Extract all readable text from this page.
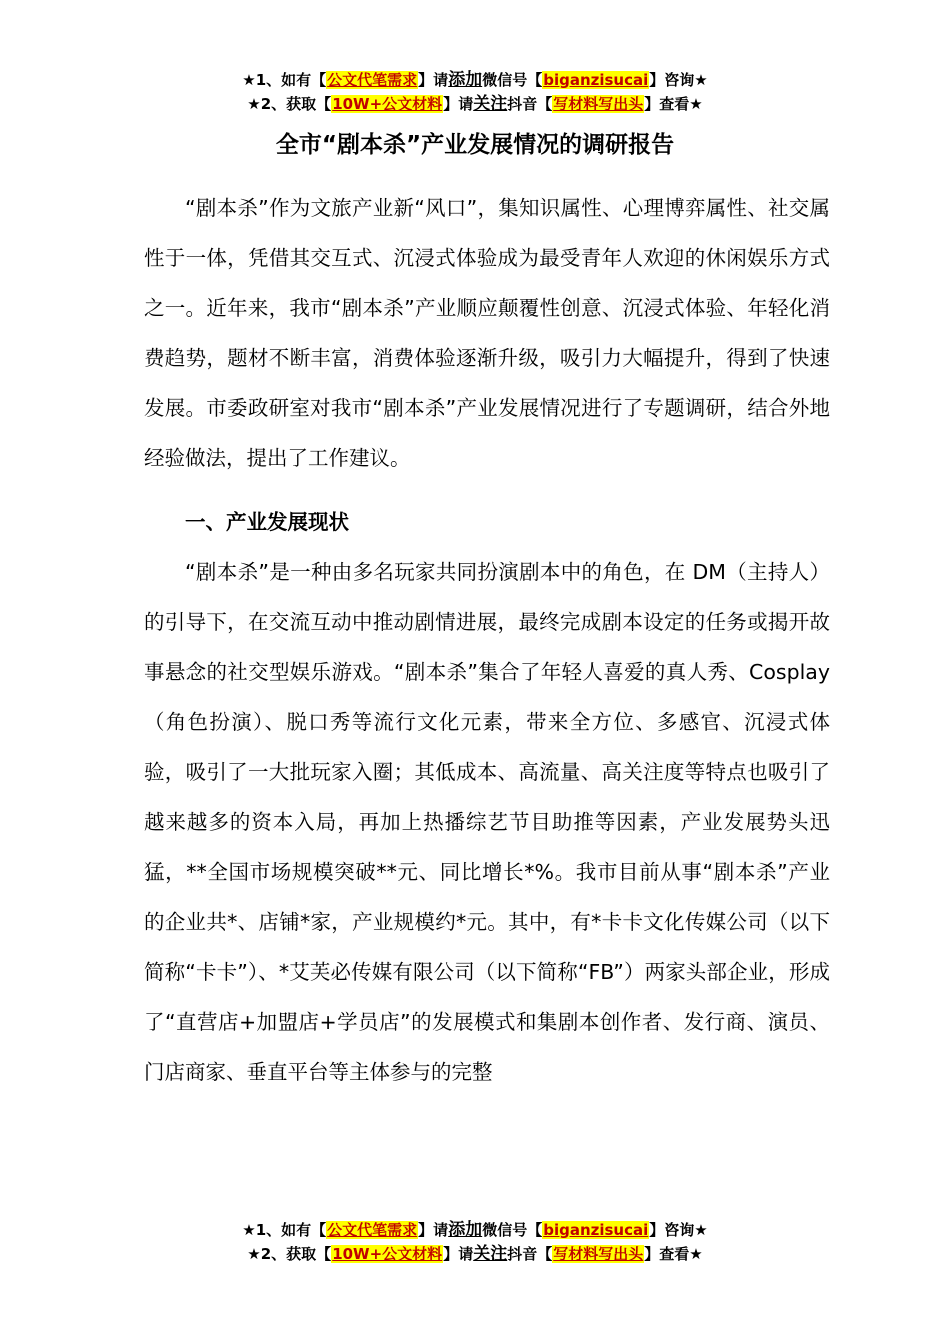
★1、如有【公文代笔需求】请添加微信号【biganzisucai】咨询★
★2、获取【10W+公文材料】请关注抖音【写材料写出头】查看★
全市“剧本杀”产业发展情况的调研报告

“剧本杀”作为文旅产业新“风口”，集知识属性、心理博弈属性、社交属性于一体，凭借其交互式、沉浸式体验成为最受青年人欢迎的休闲娱乐方式之一。近年来，我市“剧本杀”产业顺应颠覆性创意、沉浸式体验、年轻化消费趋势，题材不断丰富，消费体验逐渐升级，吸引力大幅提升，得到了快速发展。市委政研室对我市“剧本杀”产业发展情况进行了专题调研，结合外地经验做法，提出了工作建议。

一、产业发展现状

“剧本杀”是一种由多名玩家共同扮演剧本中的角色，在 DM（主持人）的引导下，在交流互动中推动剧情进展，最终完成剧本设定的任务或揭开故事悬念的社交型娱乐游戏。“剧本杀”集合了年轻人喜爱的真人秀、Cosplay（角色扮演）、脱口秀等流行文化元素，带来全方位、多感官、沉浸式体验，吸引了一大批玩家入圈；其低成本、高流量、高关注度等特点也吸引了越来越多的资本入局，再加上热播综艺节目助推等因素，产业发展势头迅猛，**全国市场规模突破**元、同比增长*%。我市目前从事“剧本杀”产业的企业共*、店铺*家，产业规模约*元。其中，有*卡卡文化传媒公司（以下简称“卡卡”）、*艾芙必传媒有限公司（以下简称“FB”）两家头部企业，形成了“直营店+加盟店+学员店”的发展模式和集剧本创作者、发行商、演员、门店商家、垂直平台等主体参与的完整

★1、如有【公文代笔需求】请添加微信号【biganzisucai】咨询★
★2、获取【10W+公文材料】请关注抖音【写材料写出头】查看★
